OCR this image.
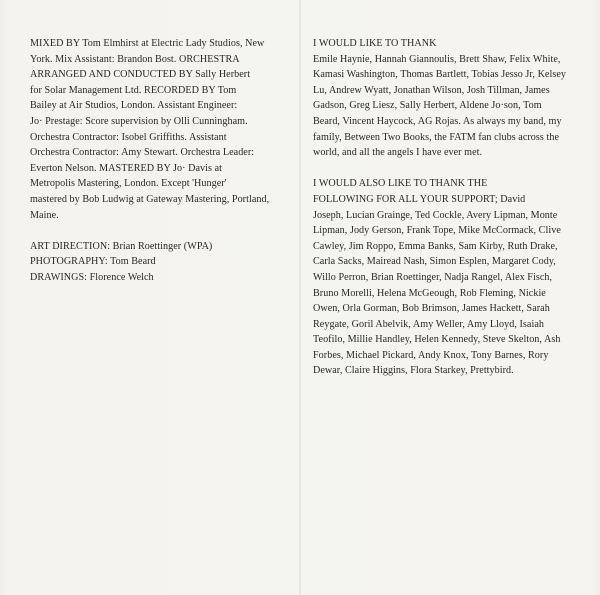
MIXED BY Tom Elmhirst at Electric Lady Studios, New
York. Mix Assistant: Brandon Bost. ORCHESTRA
ARRANGED AND CONDUCTED BY Sally Herbert
for Solar Management Ltd. RECORDED BY Tom
Bailey at Air Studios, London. Assistant Engineer:
Jo· Prestage: Score supervision by Olli Cunningham.
Orchestra Contractor: Isobel Griffiths. Assistant
Orchestra Contractor: Amy Stewart. Orchestra Leader:
Everton Nelson. MASTERED BY Jo· Davis at
Metropolis Mastering, London. Except 'Hunger'
mastered by Bob Ludwig at Gateway Mastering, Portland,
Maine.

ART DIRECTION: Brian Roettinger (WPA)

PHOTOGRAPHY: Tom Beard

DRAWINGS: Florence Welch

I WOULD LIKE TO THANK

Emile Haynie, Hannah Giannoulis, Brett Shaw, Felix White,
Kamasi Washington, Thomas Bartlett, Tobias Jesso Jr, Kelsey
Lu, Andrew Wyatt, Jonathan Wilson, Josh Tillman, James
Gadson, Greg Liesz, Sally Herbert, Aldene Jo·son, Tom
Beard, Vincent Haycock, AG Rojas. As always my band, my
family, Between Two Books, the FATM fan clubs across the
world, and all the angels I have ever met.

I WOULD ALSO LIKE TO THANK THE
FOLLOWING FOR ALL YOUR SUPPORT; David
Joseph, Lucian Grainge, Ted Cockle, Avery Lipman, Monte
Lipman, Jody Gerson, Frank Tope, Mike McCormack, Clive
Cawley, Jim Roppo, Emma Banks, Sam Kirby, Ruth Drake,
Carla Sacks, Mairead Nash, Simon Esplen, Margaret Cody,
Willo Perron, Brian Roettinger, Nadja Rangel, Alex Fisch,
Bruno Morelli, Helena McGeough, Rob Fleming, Nickie
Owen, Orla Gorman, Bob Brimson, James Hackett, Sarah
Reygate, Goril Abelvik, Amy Weller, Amy Lloyd, Isaiah
Teofilo, Millie Handley, Helen Kennedy, Steve Skelton, Ash
Forbes, Michael Pickard, Andy Knox, Tony Barnes, Rory
Dewar, Claire Higgins, Flora Starkey, Prettybird.
